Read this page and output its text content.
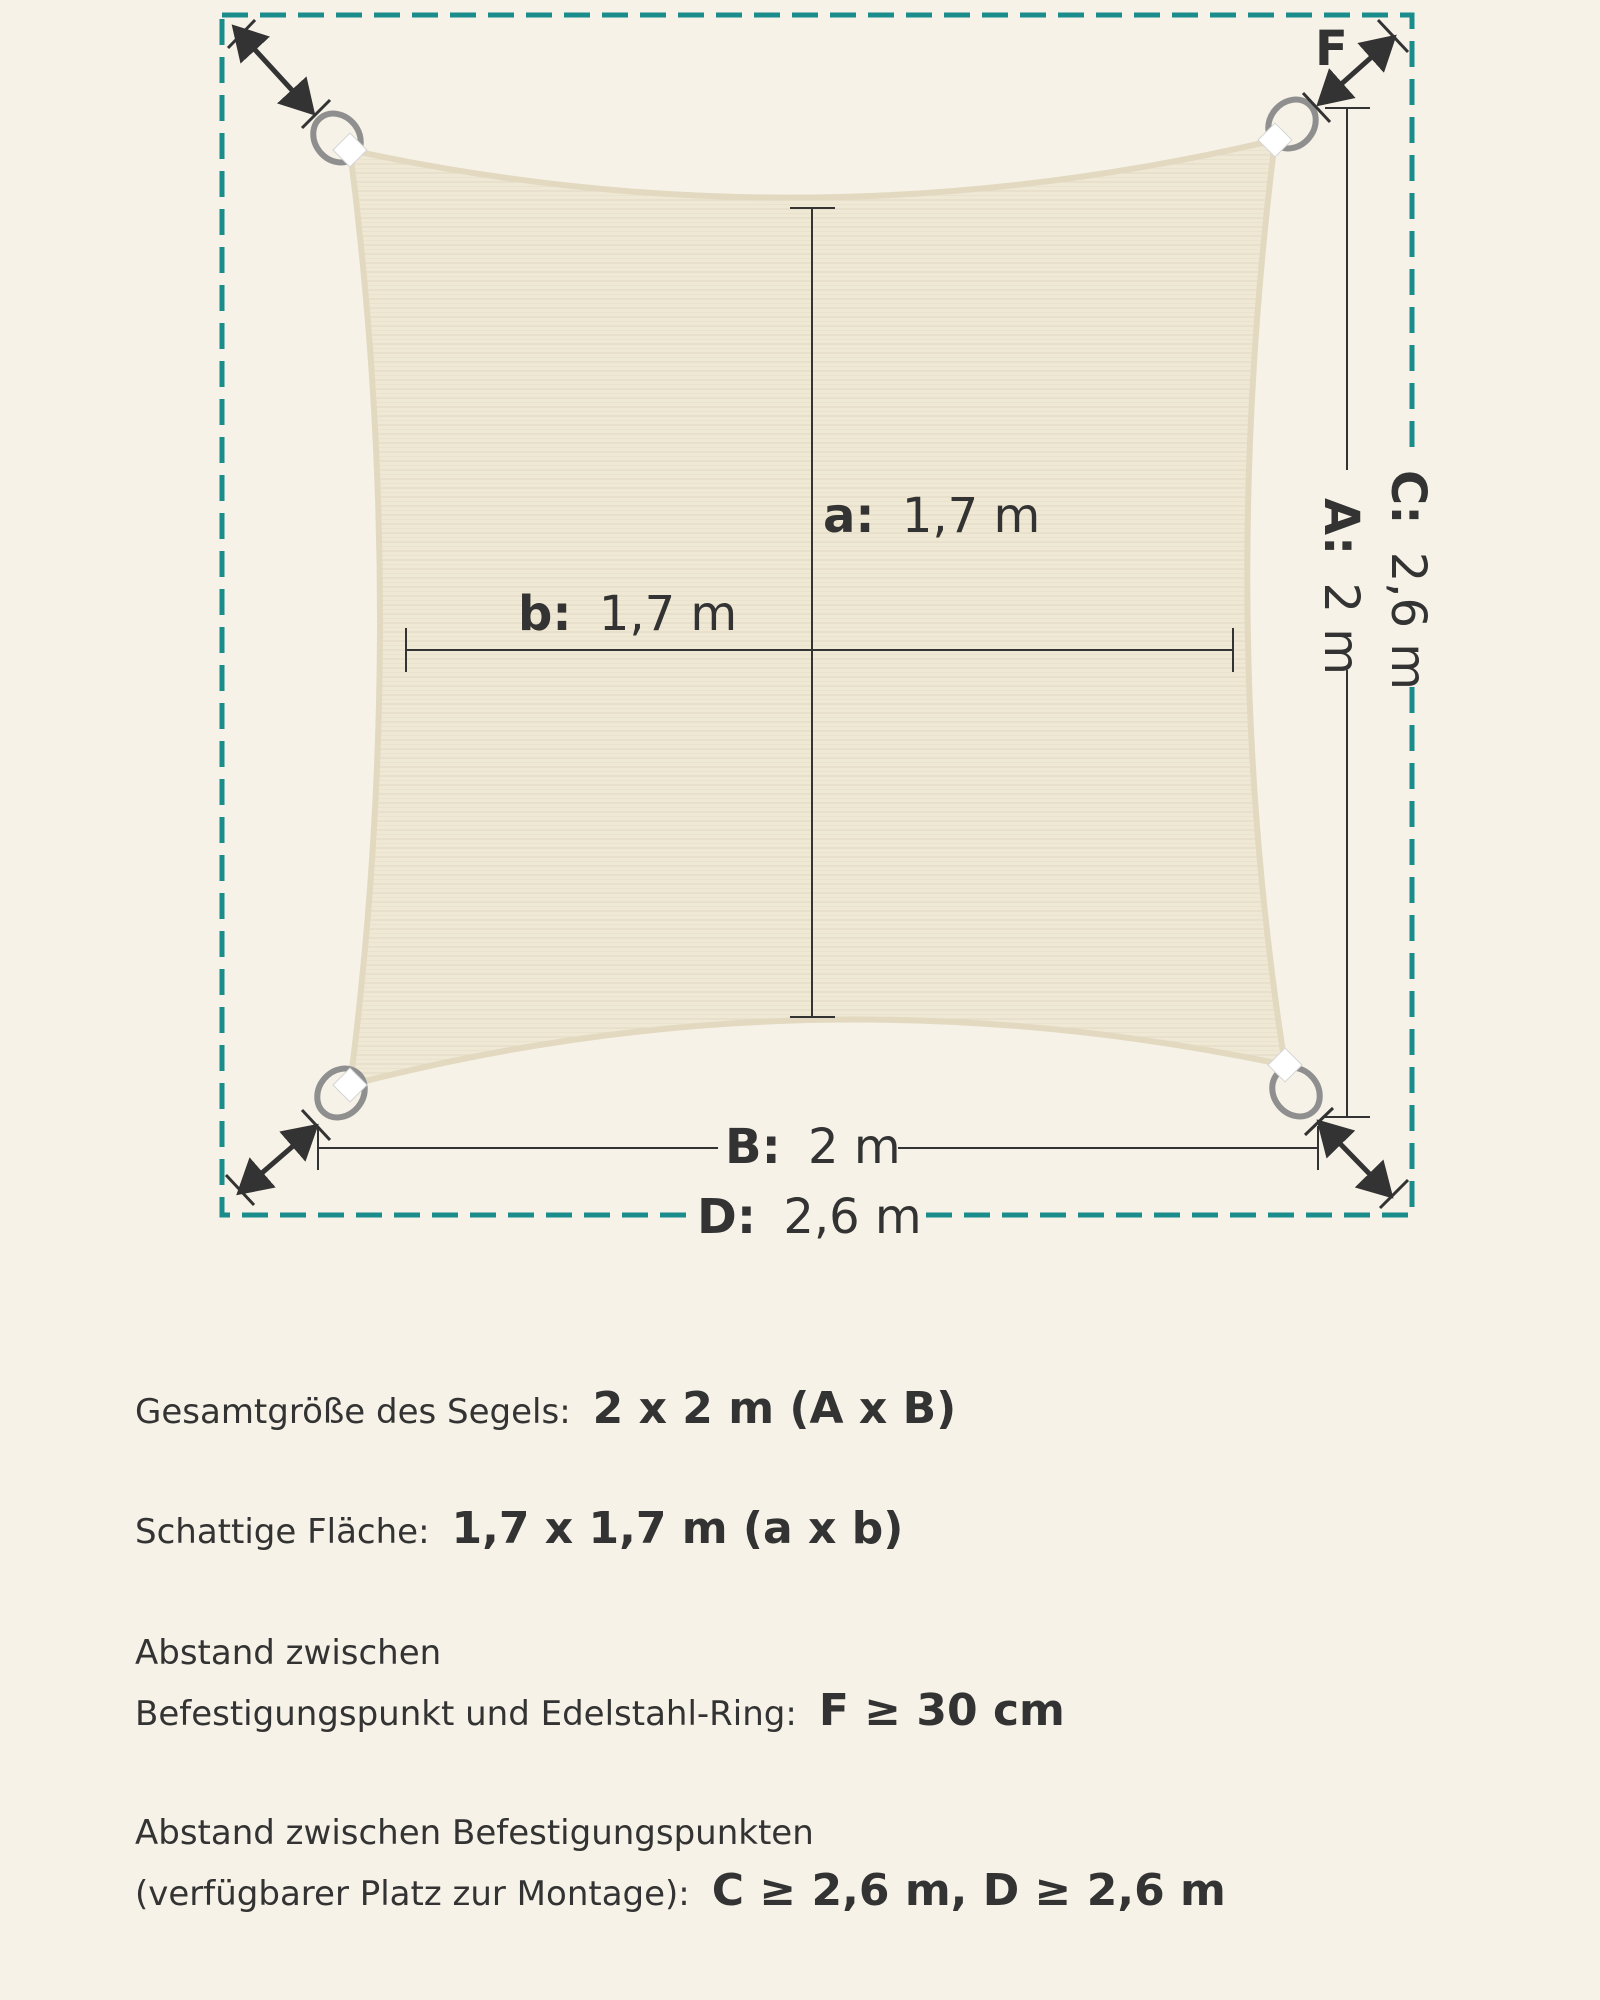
a: 1,7 m
b: 1,7 m
A: 2 m
C: 2,6 m
B: 2 m
D: 2,6 m
F
Gesamtgröße des Segels: 2 x 2 m (A x B)
Schattige Fläche: 1,7 x 1,7 m (a x b)
Abstand zwischen
Befestigungspunkt und Edelstahl-Ring: F ≥ 30 cm
Abstand zwischen Befestigungspunkten
(verfügbarer Platz zur Montage): C ≥ 2,6 m, D ≥ 2,6 m
